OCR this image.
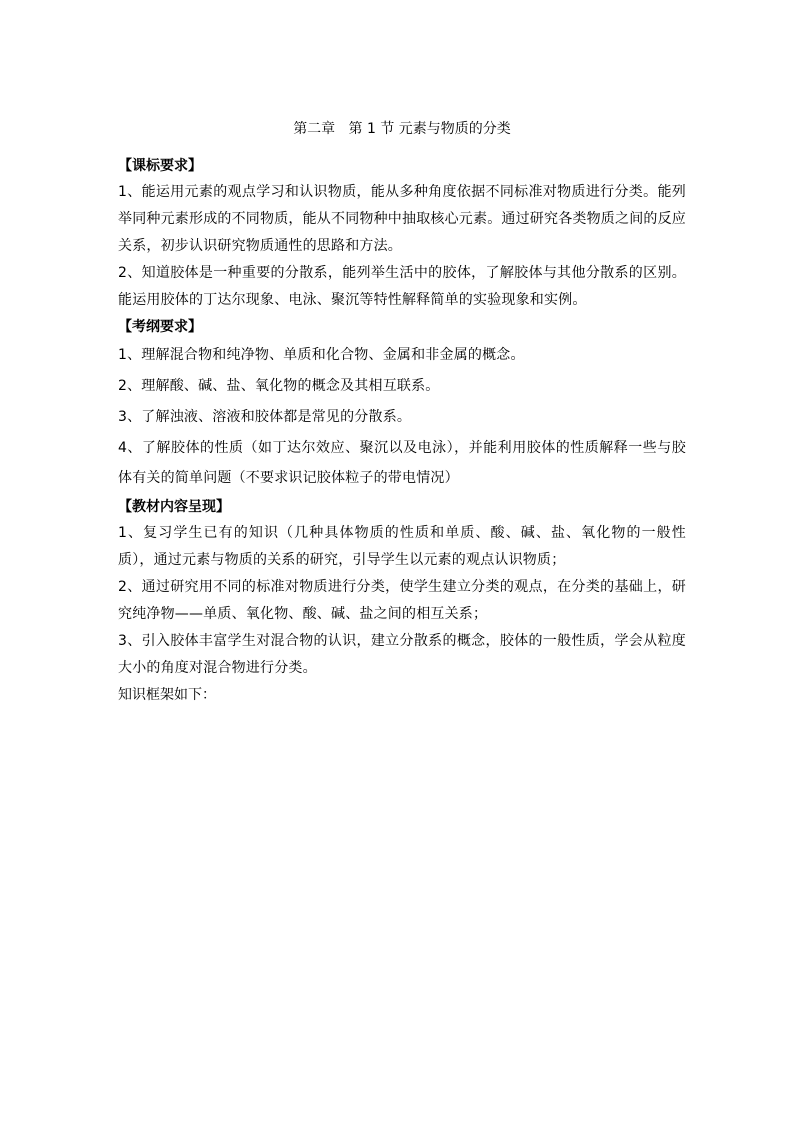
第二章   第 1 节 元素与物质的分类
【课标要求】

1、能运用元素的观点学习和认识物质，能从多种角度依据不同标准对物质进行分类。能列举同种元素形成的不同物质，能从不同物种中抽取核心元素。通过研究各类物质之间的反应关系，初步认识研究物质通性的思路和方法。

2、知道胶体是一种重要的分散系，能列举生活中的胶体，了解胶体与其他分散系的区别。能运用胶体的丁达尔现象、电泳、聚沉等特性解释简单的实验现象和实例。

【考纲要求】

1、理解混合物和纯净物、单质和化合物、金属和非金属的概念。

2、理解酸、碱、盐、氧化物的概念及其相互联系。

3、了解浊液、溶液和胶体都是常见的分散系。

4、了解胶体的性质（如丁达尔效应、聚沉以及电泳），并能利用胶体的性质解释一些与胶体有关的简单问题（不要求识记胶体粒子的带电情况）

【教材内容呈现】

1、复习学生已有的知识（几种具体物质的性质和单质、酸、碱、盐、氧化物的一般性质），通过元素与物质的关系的研究，引导学生以元素的观点认识物质；

2、通过研究用不同的标准对物质进行分类，使学生建立分类的观点，在分类的基础上，研究纯净物——单质、氧化物、酸、碱、盐之间的相互关系；

3、引入胶体丰富学生对混合物的认识，建立分散系的概念，胶体的一般性质，学会从粒度大小的角度对混合物进行分类。

知识框架如下：
